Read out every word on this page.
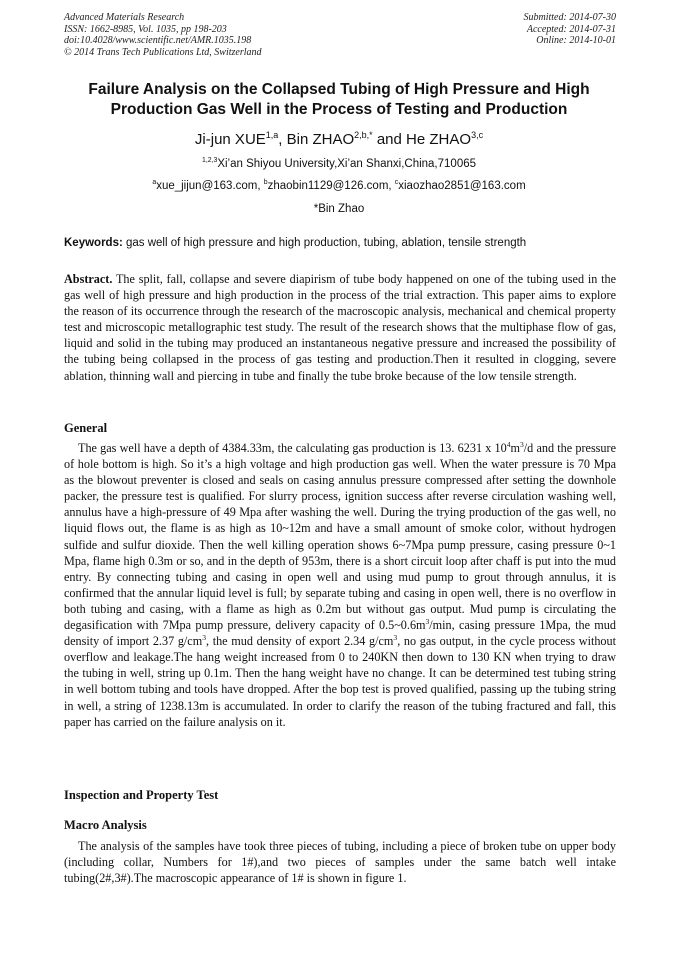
Advanced Materials Research
ISSN: 1662-8985, Vol. 1035, pp 198-203
doi:10.4028/www.scientific.net/AMR.1035.198
© 2014 Trans Tech Publications Ltd, Switzerland
Submitted: 2014-07-30
Accepted: 2014-07-31
Online: 2014-10-01
Failure Analysis on the Collapsed Tubing of High Pressure and High Production Gas Well in the Process of Testing and Production
Ji-jun XUE$^{1,a}$, Bin $ZHAO^{2,b,*}$ and He ZHAO$^{3,c}$
$^{1,2,3}$Xi’an Shiyou University,Xi’an Shanxi,China,710065
$^a$xue_jijun@163.com, $^b$zhaobin1129@126.com, $^c$xiaozhao2851@163.com
*Bin Zhao
Keywords: gas well of high pressure and high production, tubing, ablation, tensile strength
Abstract. The split, fall, collapse and severe diapirism of tube body happened on one of the tubing used in the gas well of high pressure and high production in the process of the trial extraction. This paper aims to explore the reason of its occurrence through the research of the macroscopic analysis, mechanical and chemical property test and microscopic metallographic test study. The result of the research shows that the multiphase flow of gas, liquid and solid in the tubing may produced an instantaneous negative pressure and increased the possibility of the tubing being collapsed in the process of gas testing and production.Then it resulted in clogging, severe ablation, thinning wall and piercing in tube and finally the tube broke because of the low tensile strength.
General
The gas well have a depth of 4384.33m, the calculating gas production is 13. 6231 x $10^4m^3/d$ and the pressure of hole bottom is high. So it’s a high voltage and high production gas well. When the water pressure is 70 Mpa as the blowout preventer is closed and seals on casing annulus pressure compressed after setting the downhole packer, the pressure test is qualified. For slurry process, ignition success after reverse circulation washing well, annulus have a high-pressure of 49 Mpa after washing the well. During the trying production of the gas well, no liquid flows out, the flame is as high as 10~12m and have a small amount of smoke color, without hydrogen sulfide and sulfur dioxide. Then the well killing operation shows 6~7Mpa pump pressure, casing pressure 0~1 Mpa, flame high 0.3m or so, and in the depth of 953m, there is a short circuit loop after chaff is put into the mud entry. By connecting tubing and casing in open well and using mud pump to grout through annulus, it is confirmed that the annular liquid level is full; by separate tubing and casing in open well, there is no overflow in both tubing and casing, with a flame as high as 0.2m but without gas output. Mud pump is circulating the degasification with 7Mpa pump pressure, delivery capacity of $0.5\sim 0.6m^3/\min$, casing pressure 1Mpa, the mud density of import 2.37 $g/cm^3$, the mud density of export 2.34 $g/cm^3$, no gas output, in the cycle process without overflow and leakage.The hang weight increased from 0 to 240KN then down to 130 KN when trying to draw the tubing in well, string up 0.1m. Then the hang weight have no change. It can be determined test tubing string in well bottom tubing and tools have dropped. After the bop test is proved qualified, passing up the tubing string in well, a string of 1238.13m is accumulated. In order to clarify the reason of the tubing fractured and fall, this paper has carried on the failure analysis on it.
Inspection and Property Test
Macro Analysis
The analysis of the samples have took three pieces of tubing, including a piece of broken tube on upper body (including collar, Numbers for 1#),and two pieces of samples under the same batch well intake tubing(2#,3#).The macroscopic appearance of 1# is shown in figure 1.
